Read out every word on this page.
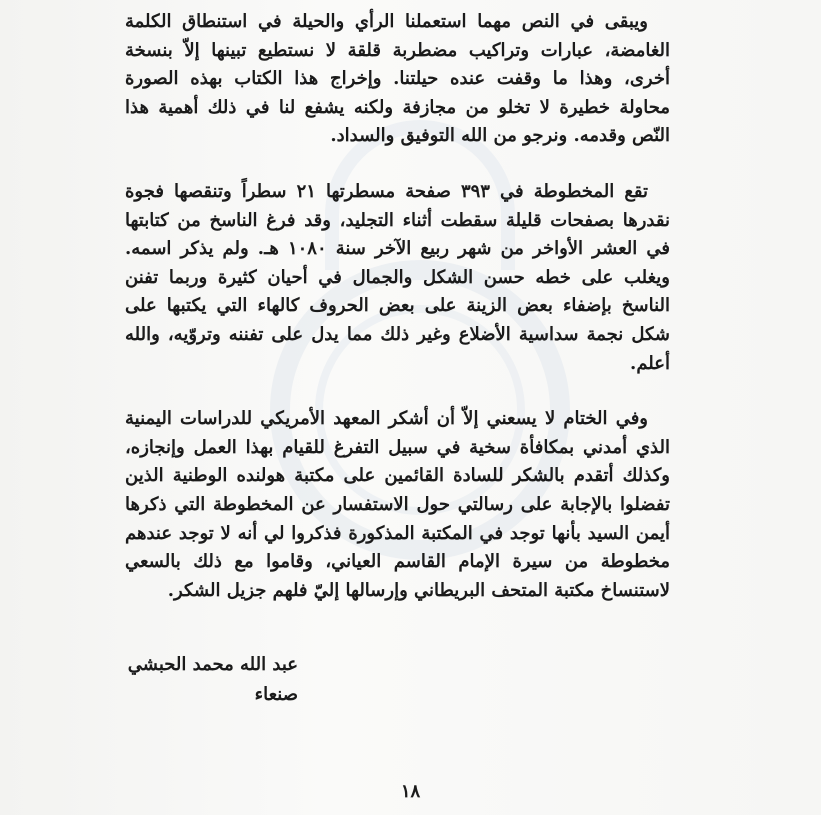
ويبقى في النص مهما استعملنا الرأي والحيلة في استنطاق الكلمة الغامضة، عبارات وتراكيب مضطربة قلقة لا نستطيع تبينها إلاّ بنسخة أخرى، وهذا ما وقفت عنده حيلتنا. وإخراج هذا الكتاب بهذه الصورة محاولة خطيرة لا تخلو من مجازفة ولكنه يشفع لنا في ذلك أهمية هذا النّص وقدمه. ونرجو من الله التوفيق والسداد.

تقع المخطوطة في ٣٩٣ صفحة مسطرتها ٢١ سطراً وتنقصها فجوة نقدرها بصفحات قليلة سقطت أثناء التجليد، وقد فرغ الناسخ من كتابتها في العشر الأواخر من شهر ربيع الآخر سنة ١٠٨٠ هـ. ولم يذكر اسمه. ويغلب على خطه حسن الشكل والجمال في أحيان كثيرة وربما تفنن الناسخ بإضفاء بعض الزينة على بعض الحروف كالهاء التي يكتبها على شكل نجمة سداسية الأضلاع وغير ذلك مما يدل على تفننه وتروّيه، والله أعلم.

وفي الختام لا يسعني إلاّ أن أشكر المعهد الأمريكي للدراسات اليمنية الذي أمدني بمكافأة سخية في سبيل التفرغ للقيام بهذا العمل وإنجازه، وكذلك أتقدم بالشكر للسادة القائمين على مكتبة هولنده الوطنية الذين تفضلوا بالإجابة على رسالتي حول الاستفسار عن المخطوطة التي ذكرها أيمن السيد بأنها توجد في المكتبة المذكورة فذكروا لي أنه لا توجد عندهم مخطوطة من سيرة الإمام القاسم العياني، وقاموا مع ذلك بالسعي لاستنساخ مكتبة المتحف البريطاني وإرسالها إليّ فلهم جزيل الشكر.

عبد الله محمد الحبشي
صنعاء
١٨
